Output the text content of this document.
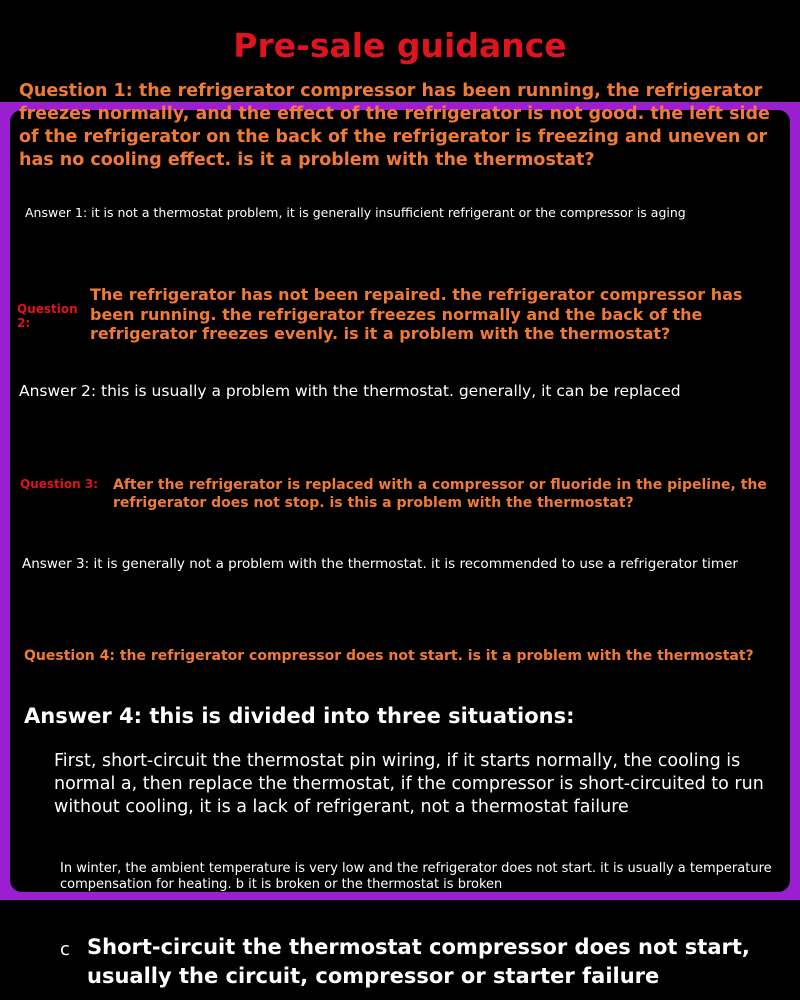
Pre-sale guidance

Question 1: the refrigerator compressor has been running, the refrigerator freezes normally, and the effect of the refrigerator is not good. the left side of the refrigerator on the back of the refrigerator is freezing and uneven or has no cooling effect. is it a problem with the thermostat?

Answer 1: it is not a thermostat problem, it is generally insufficient refrigerant or the compressor is aging

Question 2:

The refrigerator has not been repaired. the refrigerator compressor has been running. the refrigerator freezes normally and the back of the refrigerator freezes evenly. is it a problem with the thermostat?

Answer 2: this is usually a problem with the thermostat. generally, it can be replaced

Question 3: After the refrigerator is replaced with a compressor or fluoride in the pipeline, the refrigerator does not stop. is this a problem with the thermostat?

Answer 3: it is generally not a problem with the thermostat. it is recommended to use a refrigerator timer

Question 4: the refrigerator compressor does not start. is it a problem with the thermostat?

Answer 4: this is divided into three situations:

First, short-circuit the thermostat pin wiring, if it starts normally, the cooling is normal a, then replace the thermostat, if the compressor is short-circuited to run without cooling, it is a lack of refrigerant, not a thermostat failure

In winter, the ambient temperature is very low and the refrigerator does not start. it is usually a temperature compensation for heating. b it is broken or the thermostat is broken

c Short-circuit the thermostat compressor does not start, usually the circuit, compressor or starter failure
